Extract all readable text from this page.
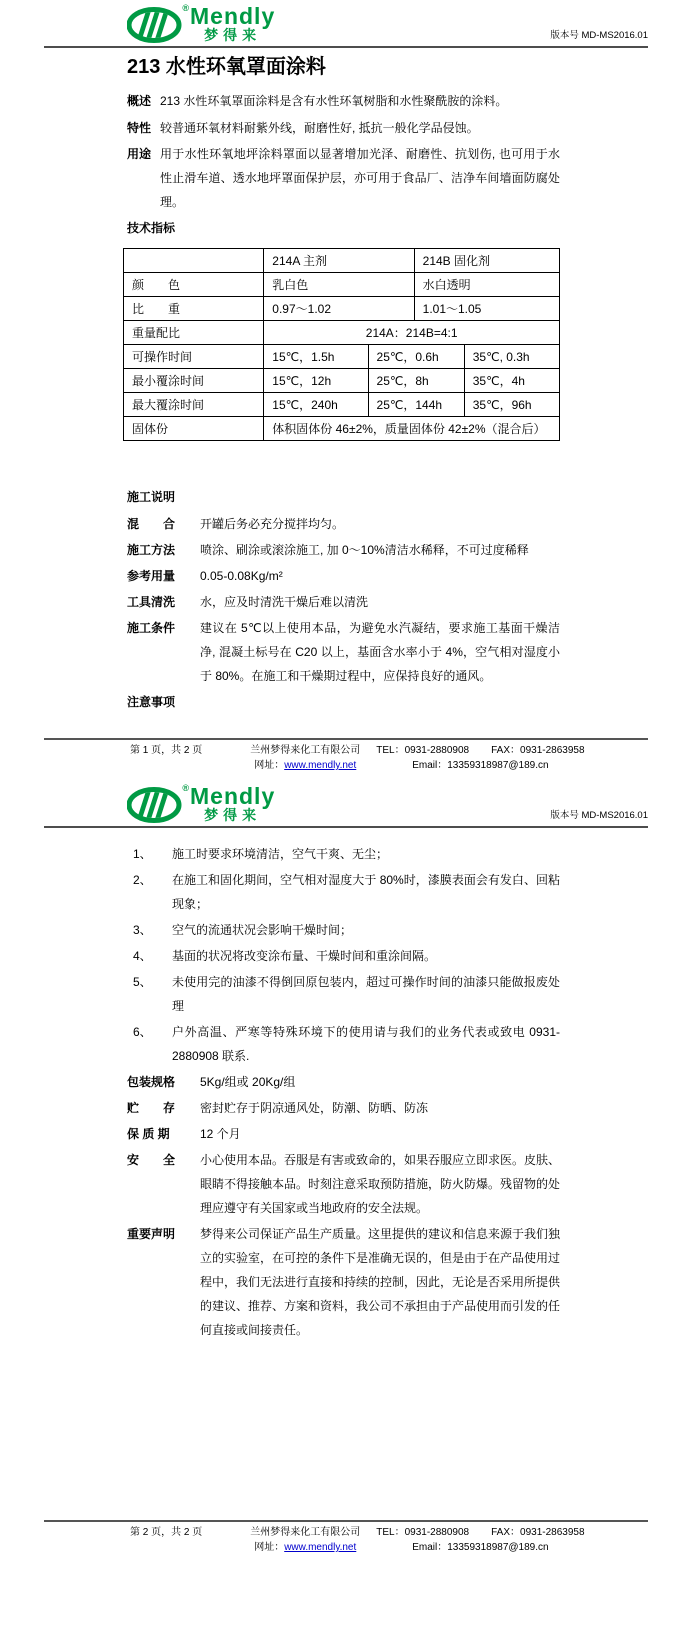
® Mendly
梦得来	版本号 MD-MS2016.01
213 水性环氧罩面涂料
概述 213 水性环氧罩面涂料是含有水性环氧树脂和水性聚酰胺的涂料。
特性 较普通环氧材料耐紫外线，耐磨性好, 抵抗一般化学品侵蚀。
用途 用于水性环氧地坪涂料罩面以显著增加光泽、耐磨性、抗划伤, 也可用于水性止滑车道、透水地坪罩面保护层，亦可用于食品厂、洁净车间墙面防腐处理。
技术指标
	214A 主剂		214B 固化剂	
颜　　色	乳白色		水白透明	
比　　重	0.97～1.02		1.01～1.05	
重量配比	214A：214B=4:1			
可操作时间	15℃，1.5h	25℃，0.6h		35℃, 0.3h
最小覆涂时间	15℃，12h	25℃，8h		35℃，4h
最大覆涂时间	15℃，240h	25℃，144h		35℃，96h
固体份	体积固体份 46±2%，质量固体份 42±2%（混合后）			
施工说明
混　　合	开罐后务必充分搅拌均匀。
施工方法	喷涂、刷涂或滚涂施工, 加 0～10%清洁水稀释，不可过度稀释
参考用量	0.05-0.08Kg/m²
工具清洗	水，应及时清洗干燥后难以清洗
施工条件	建议在 5℃以上使用本品，为避免水汽凝结，要求施工基面干燥洁净, 混凝土标号在 C20 以上，基面含水率小于 4%，空气相对湿度小于 80%。在施工和干燥期过程中，应保持良好的通风。
注意事项
第 1 页，共 2 页	兰州梦得来化工有限公司
网址：www.mendly.net
TEL：0931-2880908 FAX：0931-2863958
Email：13359318987@189.cn
® Mendly
梦得来	版本号 MD-MS2016.01
1、	施工时要求环境清洁，空气干爽、无尘；
2、	在施工和固化期间，空气相对湿度大于 80%时，漆膜表面会有发白、回粘现象；
3、	空气的流通状况会影响干燥时间；
4、	基面的状况将改变涂布量、干燥时间和重涂间隔。
5、	未使用完的油漆不得倒回原包装内，超过可操作时间的油漆只能做报废处理
6、	户外高温、严寒等特殊环境下的使用请与我们的业务代表或致电 0931-2880908 联系.
包装规格	5Kg/组或 20Kg/组
贮　　存	密封贮存于阴凉通风处，防潮、防晒、防冻
保 质 期	12 个月
安　　全	小心使用本品。吞服是有害或致命的，如果吞服应立即求医。皮肤、眼睛不得接触本品。时刻注意采取预防措施，防火防爆。残留物的处理应遵守有关国家或当地政府的安全法规。
重要声明	梦得来公司保证产品生产质量。这里提供的建议和信息来源于我们独立的实验室，在可控的条件下是准确无误的，但是由于在产品使用过程中，我们无法进行直接和持续的控制，因此，无论是否采用所提供的建议、推荐、方案和资料，我公司不承担由于产品使用而引发的任何直接或间接责任。
第 2 页，共 2 页	兰州梦得来化工有限公司
网址：www.mendly.net
TEL：0931-2880908 FAX：0931-2863958
Email：13359318987@189.cn
